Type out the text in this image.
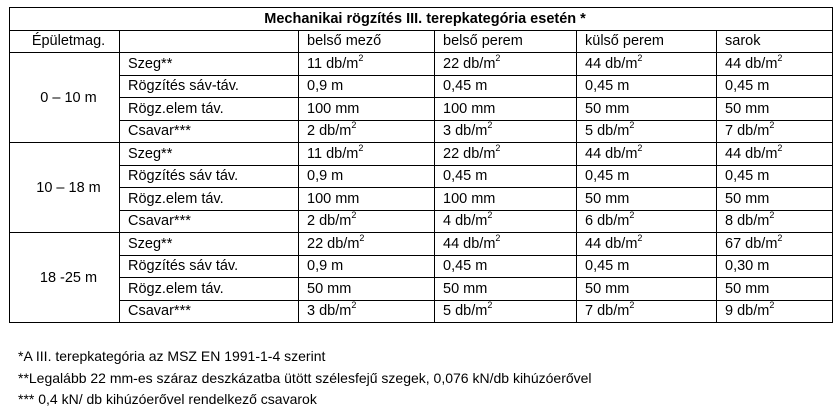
Mechanikai rögzítés III. terepkategória esetén *					
Épületmag.		belső mező	belső perem	külső perem	sarok
0 – 10 m	Szeg**	11 $db/m^2$	22 $db/m^2$	44 $db/m^2$	44 $db/m^2$
	Rögzítés sáv-táv.	0,9 m	0,45 m	0,45 m	0,45 m
	Rögz.elem táv.	100 mm	100 mm	50 mm	50 mm
	Csavar***	2 $db/m^2$	3 $db/m^2$	5 $db/m^2$	7 $db/m^2$
10 – 18 m	Szeg**	11 $db/m^2$	22 $db/m^2$	44 $db/m^2$	44 $db/m^2$
	Rögzítés sáv táv.	0,9 m	0,45 m	0,45 m	0,45 m
	Rögz.elem táv.	100 mm	100 mm	50 mm	50 mm
	Csavar***	2 $db/m^2$	4 $db/m^2$	6 $db/m^2$	8 $db/m^2$
18 -25 m	Szeg**	22 $db/m^2$	44 $db/m^2$	44 $db/m^2$	67 $db/m^2$
	Rögzítés sáv táv.	0,9 m	0,45 m	0,45 m	0,30 m
	Rögz.elem táv.	50 mm	50 mm	50 mm	50 mm
	Csavar***	3 $db/m^2$	5 $db/m^2$	7 $db/m^2$	9 $db/m^2$
*A III. terepkategória az MSZ EN 1991-1-4 szerint
**Legalább 22 mm-es száraz deszkázatba ütött szélesfejű szegek, 0,076 kN/db kihúzóerővel
*** 0,4 kN/ db kihúzóerővel rendelkező csavarok
